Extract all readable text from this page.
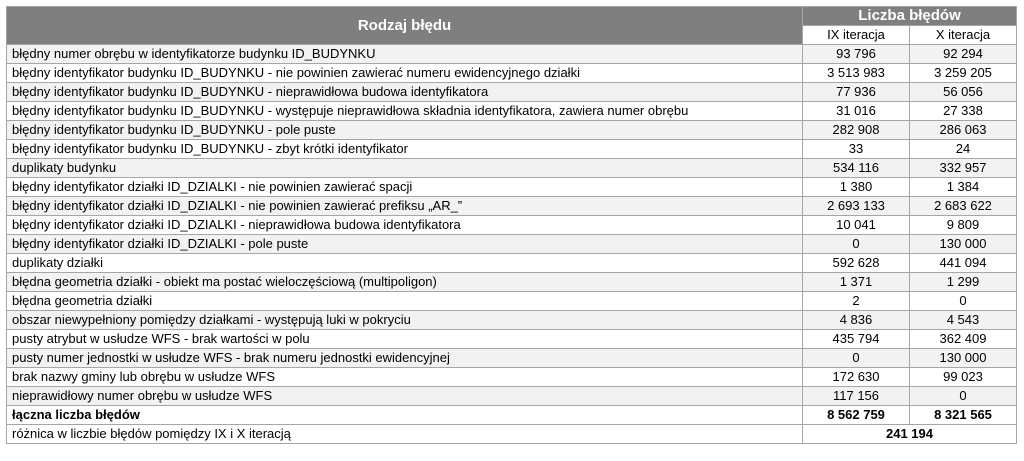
Rodzaj błędu	Liczba błędów	
	IX iteracja	X iteracja
błędny numer obrębu w identyfikatorze budynku ID_BUDYNKU	93 796	92 294
błędny identyfikator budynku ID_BUDYNKU - nie powinien zawierać numeru ewidencyjnego działki	3 513 983	3 259 205
błędny identyfikator budynku ID_BUDYNKU - nieprawidłowa budowa identyfikatora	77 936	56 056
błędny identyfikator budynku ID_BUDYNKU - występuje nieprawidłowa składnia identyfikatora, zawiera numer obrębu	31 016	27 338
błędny identyfikator budynku ID_BUDYNKU - pole puste	282 908	286 063
błędny identyfikator budynku ID_BUDYNKU - zbyt krótki identyfikator	33	24
duplikaty budynku	534 116	332 957
błędny identyfikator działki ID_DZIALKI - nie powinien zawierać spacji	1 380	1 384
błędny identyfikator działki ID_DZIALKI - nie powinien zawierać prefiksu „AR_”	2 693 133	2 683 622
błędny identyfikator działki ID_DZIALKI - nieprawidłowa budowa identyfikatora	10 041	9 809
błędny identyfikator działki ID_DZIALKI - pole puste	0	130 000
duplikaty działki	592 628	441 094
błędna geometria działki - obiekt ma postać wieloczęściową (multipoligon)	1 371	1 299
błędna geometria działki	2	0
obszar niewypełniony pomiędzy działkami - występują luki w pokryciu	4 836	4 543
pusty atrybut w usłudze WFS - brak wartości w polu	435 794	362 409
pusty numer jednostki w usłudze WFS - brak numeru jednostki ewidencyjnej	0	130 000
brak nazwy gminy lub obrębu w usłudze WFS	172 630	99 023
nieprawidłowy numer obrębu w usłudze WFS	117 156	0
łączna liczba błędów	8 562 759	8 321 565
różnica w liczbie błędów pomiędzy IX i X iteracją	241 194	
